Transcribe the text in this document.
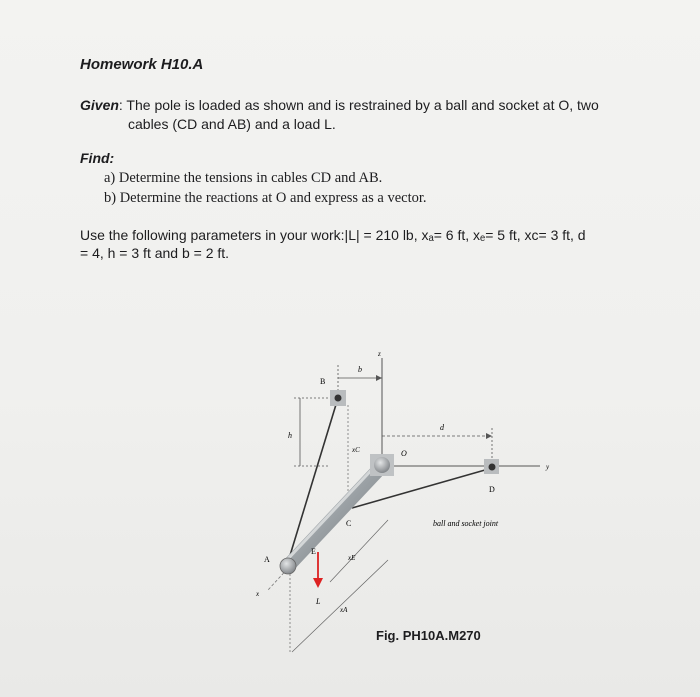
Homework H10.A
Given: The pole is loaded as shown and is restrained by a ball and socket at O, two
cables (CD and AB) and a load L.
Find:
a) Determine the tensions in cables CD and AB.
b) Determine the reactions at O and express as a vector.
Use the following parameters in your work:|L| = 210 lb, xₐ= 6 ft, xₑ= 5 ft, xᴄ= 3 ft, d
= 4, h = 3 ft and b = 2 ft.
B
b
z
h
d
O
y
xC
D
C
E
xE
A
x
L
xA
ball and socket joint
Fig. PH10A.M270
